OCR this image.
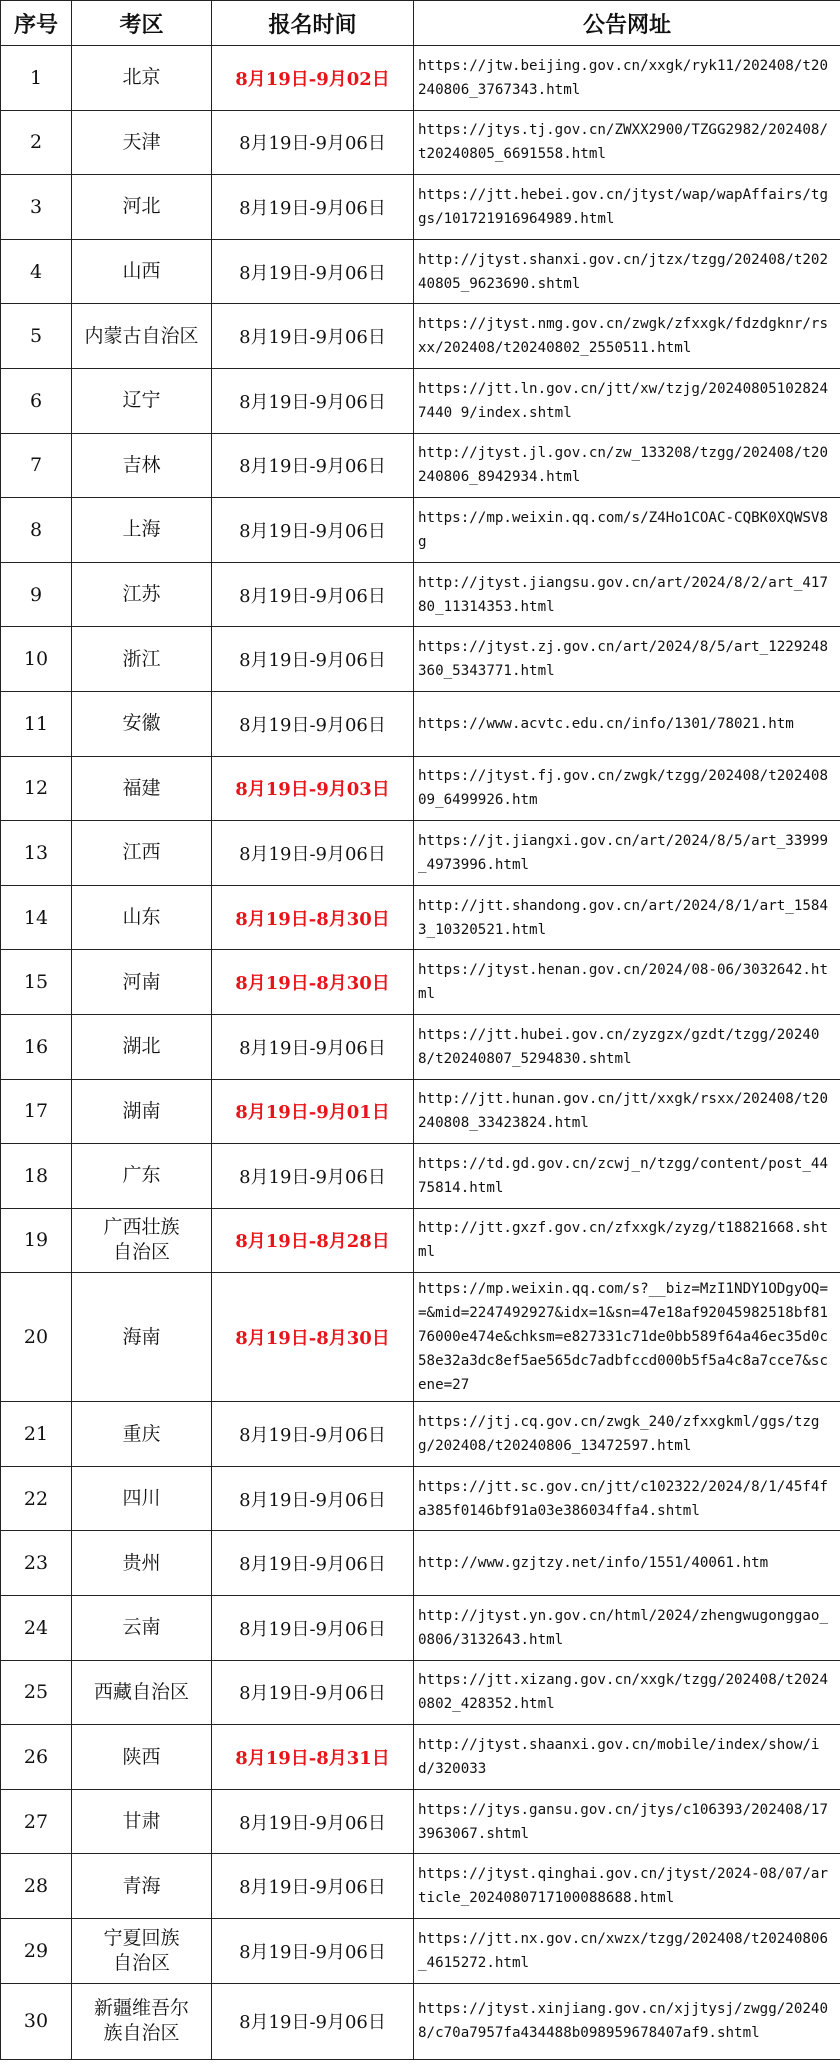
序号	考区	报名时间	公告网址
1	北京	8月19日-9月02日	https://jtw.beijing.gov.cn/xxgk/ryk11/202408/t20240806_3767343.html
2	天津	8月19日-9月06日	https://jtys.tj.gov.cn/ZWXX2900/TZGG2982/202408/t20240805_6691558.html
3	河北	8月19日-9月06日	https://jtt.hebei.gov.cn/jtyst/wap/wapAffairs/tggs/101721916964989.html
4	山西	8月19日-9月06日	http://jtyst.shanxi.gov.cn/jtzx/tzgg/202408/t20240805_9623690.shtml
5	内蒙古自治区	8月19日-9月06日	https://jtyst.nmg.gov.cn/zwgk/zfxxgk/fdzdgknr/rsxx/202408/t20240802_2550511.html
6	辽宁	8月19日-9月06日	https://jtt.ln.gov.cn/jtt/xw/tzjg/202408051028247440 9/index.shtml
7	吉林	8月19日-9月06日	http://jtyst.jl.gov.cn/zw_133208/tzgg/202408/t20240806_8942934.html
8	上海	8月19日-9月06日	https://mp.weixin.qq.com/s/Z4Ho1COAC-CQBK0XQWSV8g
9	江苏	8月19日-9月06日	http://jtyst.jiangsu.gov.cn/art/2024/8/2/art_41780_11314353.html
10	浙江	8月19日-9月06日	https://jtyst.zj.gov.cn/art/2024/8/5/art_1229248360_5343771.html
11	安徽	8月19日-9月06日	https://www.acvtc.edu.cn/info/1301/78021.htm
12	福建	8月19日-9月03日	https://jtyst.fj.gov.cn/zwgk/tzgg/202408/t20240809_6499926.htm
13	江西	8月19日-9月06日	https://jt.jiangxi.gov.cn/art/2024/8/5/art_33999_4973996.html
14	山东	8月19日-8月30日	http://jtt.shandong.gov.cn/art/2024/8/1/art_15843_10320521.html
15	河南	8月19日-8月30日	https://jtyst.henan.gov.cn/2024/08-06/3032642.html
16	湖北	8月19日-9月06日	https://jtt.hubei.gov.cn/zyzgzx/gzdt/tzgg/202408/t20240807_5294830.shtml
17	湖南	8月19日-9月01日	http://jtt.hunan.gov.cn/jtt/xxgk/rsxx/202408/t20240808_33423824.html
18	广东	8月19日-9月06日	https://td.gd.gov.cn/zcwj_n/tzgg/content/post_4475814.html
19	广西壮族
自治区	8月19日-8月28日	http://jtt.gxzf.gov.cn/zfxxgk/zyzg/t18821668.shtml
20	海南	8月19日-8月30日	https://mp.weixin.qq.com/s?__biz=MzI1NDY1ODgyOQ==&mid=2247492927&idx=1&sn=47e18af92045982518bf8176000e474e&chksm=e827331c71de0bb589f64a46ec35d0c58e32a3dc8ef5ae565dc7adbfccd000b5f5a4c8a7cce7&scene=27
21	重庆	8月19日-9月06日	https://jtj.cq.gov.cn/zwgk_240/zfxxgkml/ggs/tzgg/202408/t20240806_13472597.html
22	四川	8月19日-9月06日	https://jtt.sc.gov.cn/jtt/c102322/2024/8/1/45f4fa385f0146bf91a03e386034ffa4.shtml
23	贵州	8月19日-9月06日	http://www.gzjtzy.net/info/1551/40061.htm
24	云南	8月19日-9月06日	http://jtyst.yn.gov.cn/html/2024/zhengwugonggao_0806/3132643.html
25	西藏自治区	8月19日-9月06日	https://jtt.xizang.gov.cn/xxgk/tzgg/202408/t20240802_428352.html
26	陕西	8月19日-8月31日	http://jtyst.shaanxi.gov.cn/mobile/index/show/id/320033
27	甘肃	8月19日-9月06日	https://jtys.gansu.gov.cn/jtys/c106393/202408/173963067.shtml
28	青海	8月19日-9月06日	https://jtyst.qinghai.gov.cn/jtyst/2024-08/07/article_2024080717100088688.html
29	宁夏回族
自治区	8月19日-9月06日	https://jtt.nx.gov.cn/xwzx/tzgg/202408/t20240806_4615272.html
30	新疆维吾尔
族自治区	8月19日-9月06日	https://jtyst.xinjiang.gov.cn/xjjtysj/zwgg/202408/c70a7957fa434488b098959678407af9.shtml
